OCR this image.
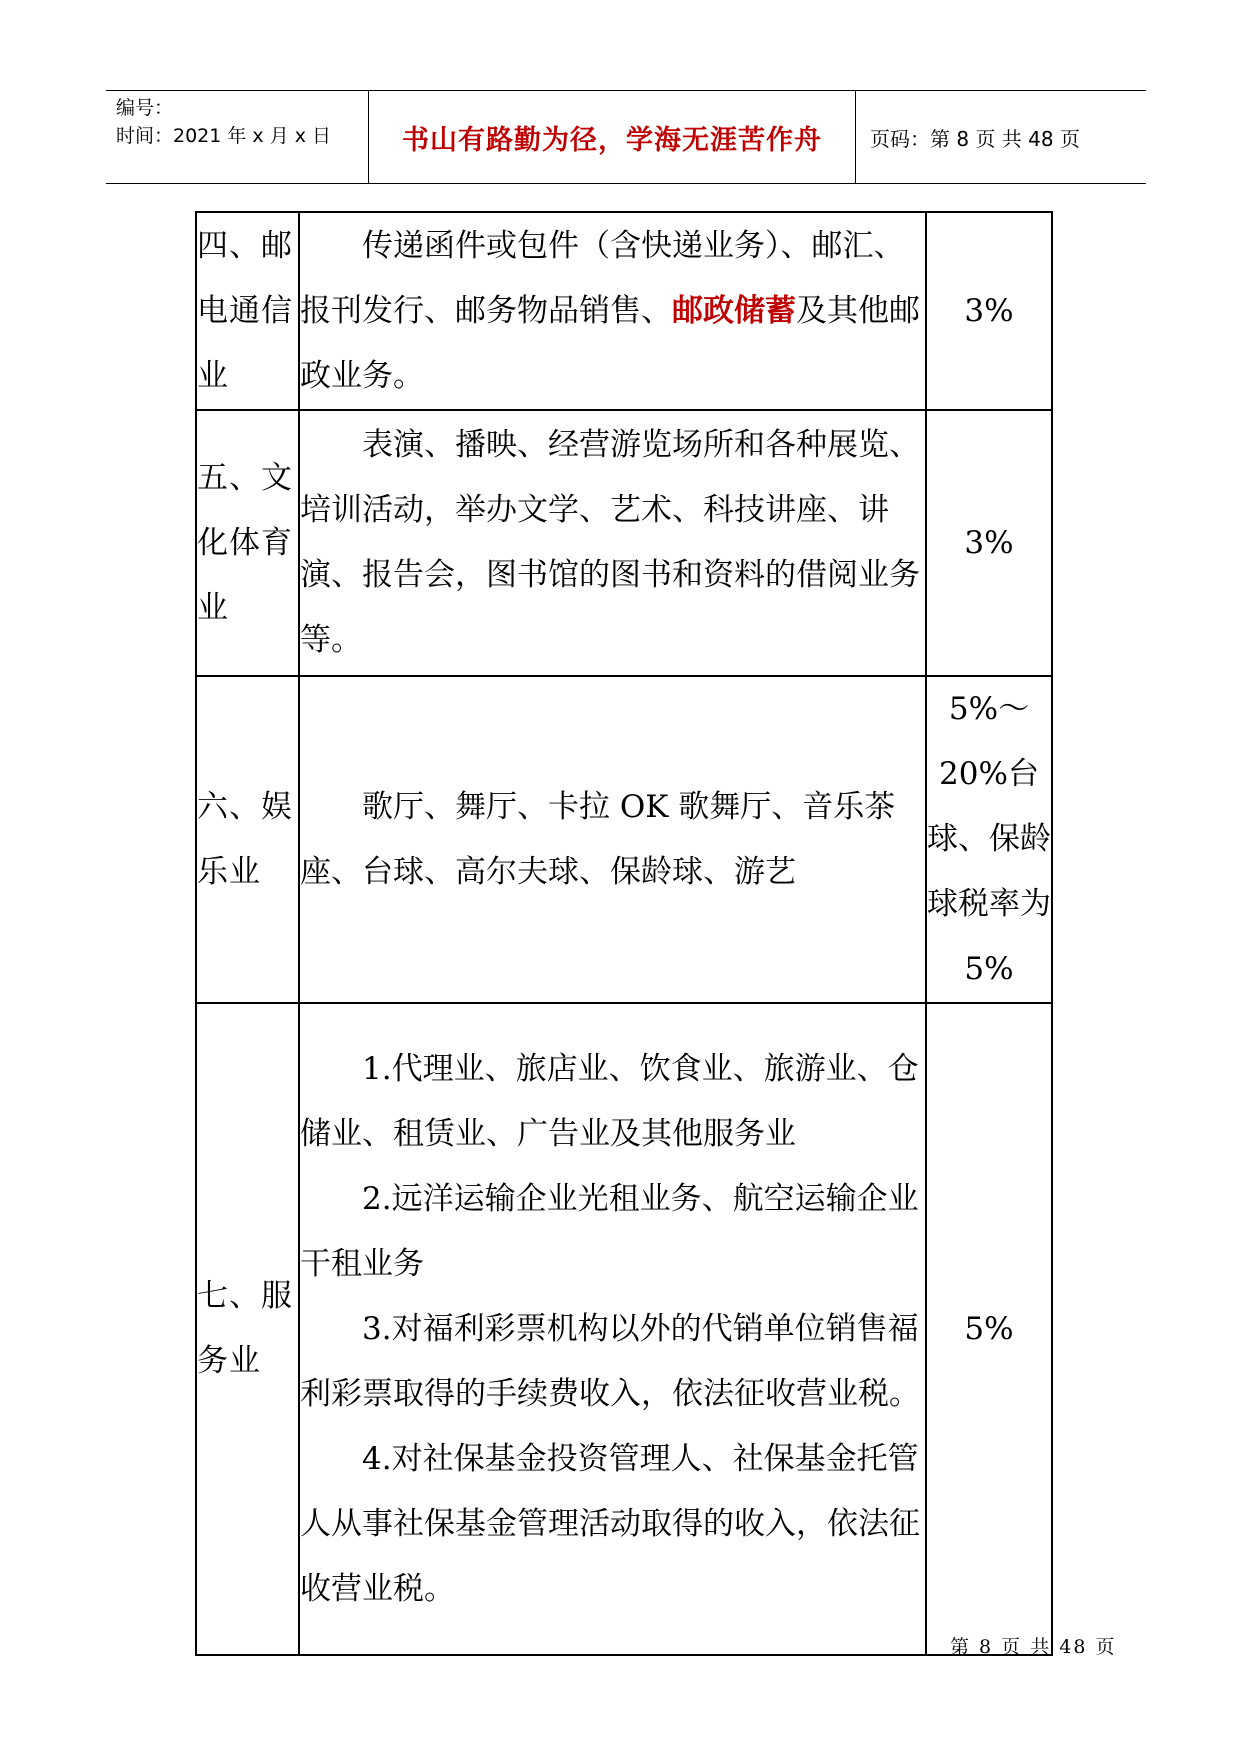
编号：
时间：2021 年 x 月 x 日	书山有路勤为径，学海无涯苦作舟 页码：第 8 页 共 48 页
四、邮电通信业	传递函件或包件（含快递业务）、邮汇、报刊发行、邮务物品销售、邮政储蓄及其他邮政业务。	3%
五、文化体育业	表演、播映、经营游览场所和各种展览、培训活动，举办文学、艺术、科技讲座、讲演、报告会，图书馆的图书和资料的借阅业务等。	3%
六、娱乐业	歌厅、舞厅、卡拉 OK 歌舞厅、音乐茶座、台球、高尔夫球、保龄球、游艺	5%～20%台球、保龄球税率为 5%
七、服务业	1.代理业、旅店业、饮食业、旅游业、仓储业、租赁业、广告业及其他服务业

2.远洋运输企业光租业务、航空运输企业干租业务

3.对福利彩票机构以外的代销单位销售福利彩票取得的手续费收入，依法征收营业税。

4.对社保基金投资管理人、社保基金托管人从事社保基金管理活动取得的收入，依法征收营业税。	5%
第 8 页 共 48 页
